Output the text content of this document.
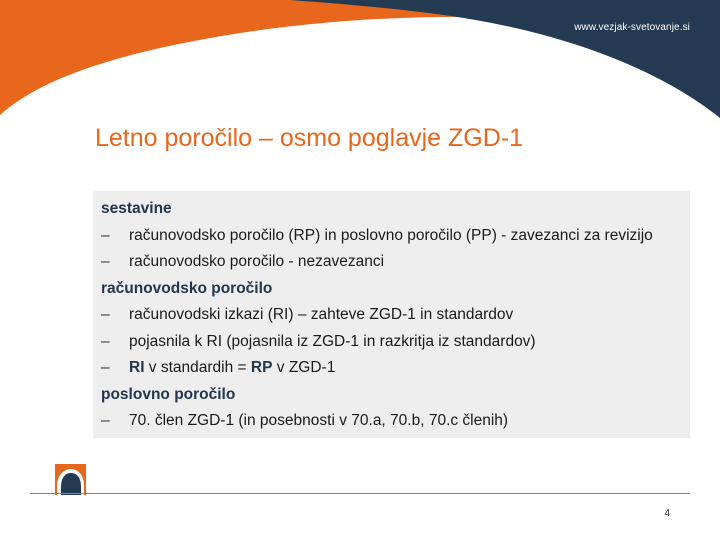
www.vezjak-svetovanje.si
Letno poročilo – osmo poglavje ZGD-1
sestavine
–	računovodsko poročilo (RP) in poslovno poročilo (PP) - zavezanci za revizijo
–	računovodsko poročilo - nezavezanci
računovodsko poročilo
–	računovodski izkazi (RI) – zahteve ZGD-1 in standardov
–	pojasnila k RI (pojasnila iz ZGD-1 in razkritja iz standardov)
–	RI v standardih = RP v ZGD-1
poslovno poročilo
–	70. člen ZGD-1 (in posebnosti v 70.a, 70.b, 70.c členih)
4
